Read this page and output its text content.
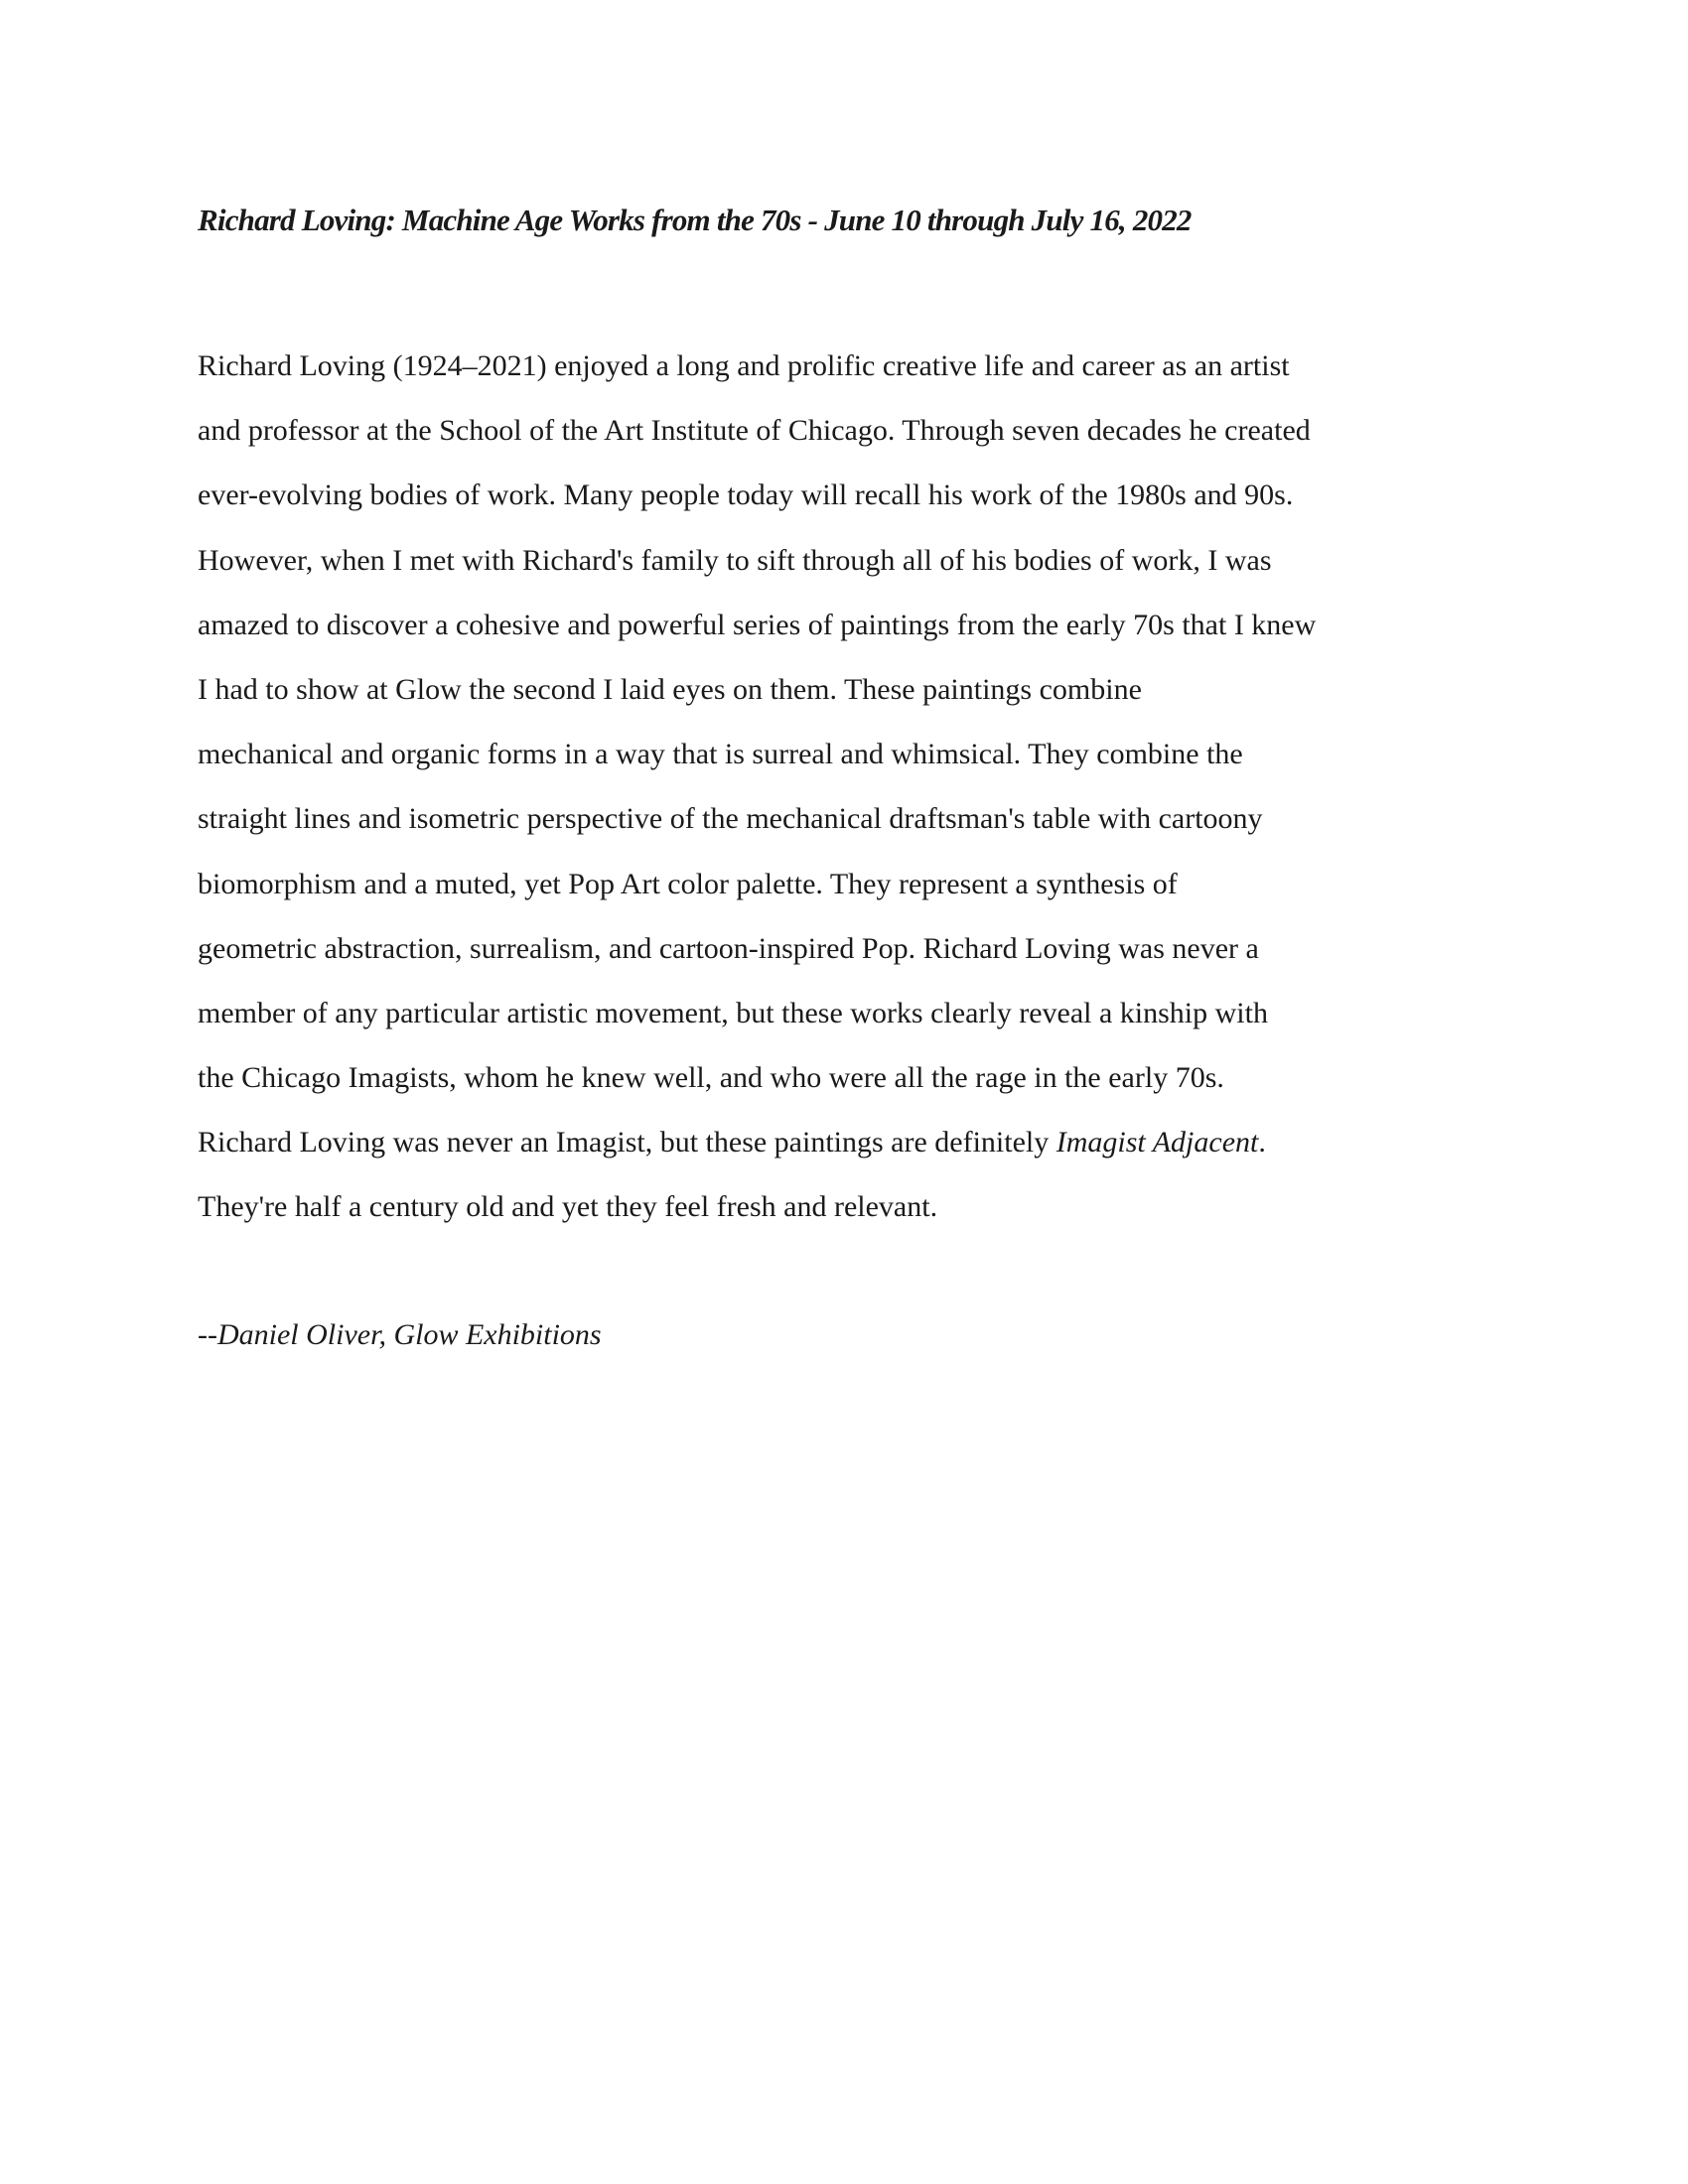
Richard Loving: Machine Age Works from the 70s - June 10 through July 16, 2022
Richard Loving (1924–2021) enjoyed a long and prolific creative life and career as an artist
and professor at the School of the Art Institute of Chicago. Through seven decades he created
ever-evolving bodies of work. Many people today will recall his work of the 1980s and 90s.
However, when I met with Richard's family to sift through all of his bodies of work, I was
amazed to discover a cohesive and powerful series of paintings from the early 70s that I knew
I had to show at Glow the second I laid eyes on them. These paintings combine
mechanical and organic forms in a way that is surreal and whimsical. They combine the
straight lines and isometric perspective of the mechanical draftsman's table with cartoony
biomorphism and a muted, yet Pop Art color palette. They represent a synthesis of
geometric abstraction, surrealism, and cartoon-inspired Pop. Richard Loving was never a
member of any particular artistic movement, but these works clearly reveal a kinship with
the Chicago Imagists, whom he knew well, and who were all the rage in the early 70s.
Richard Loving was never an Imagist, but these paintings are definitely Imagist Adjacent.
They're half a century old and yet they feel fresh and relevant.
--Daniel Oliver, Glow Exhibitions
